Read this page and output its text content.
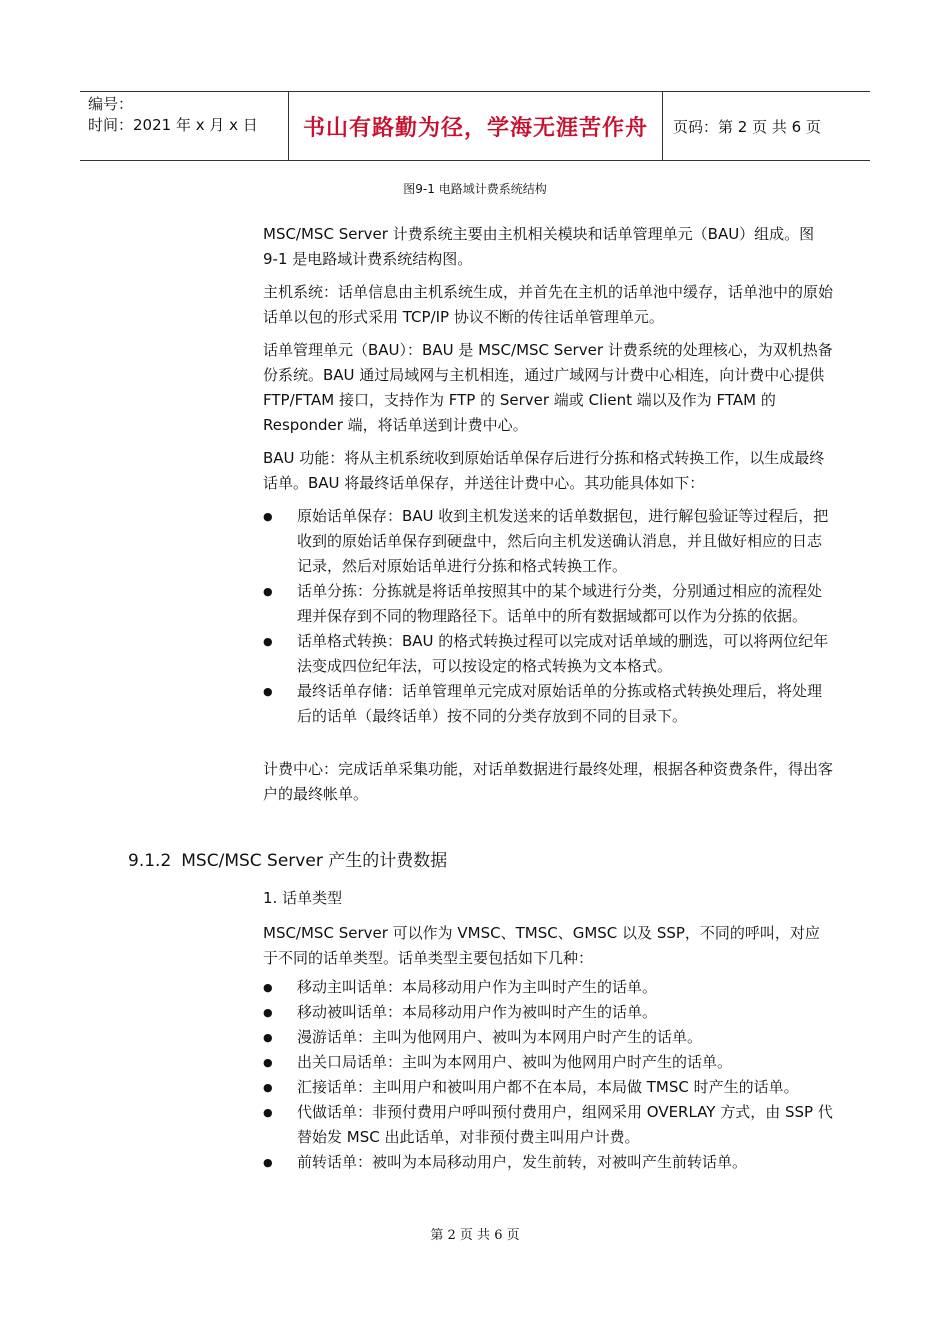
编号：
时间：2021 年 x 月 x 日	书山有路勤为径，学海无涯苦作舟	页码：第 2 页 共 6 页
图9-1 电路域计费系统结构

MSC/MSC Server 计费系统主要由主机相关模块和话单管理单元（BAU）组成。图 9-1 是电路域计费系统结构图。

主机系统：话单信息由主机系统生成，并首先在主机的话单池中缓存，话单池中的原始话单以包的形式采用 TCP/IP 协议不断的传往话单管理单元。

话单管理单元（BAU）：BAU 是 MSC/MSC Server 计费系统的处理核心，为双机热备份系统。BAU 通过局域网与主机相连，通过广域网与计费中心相连，向计费中心提供 FTP/FTAM 接口，支持作为 FTP 的 Server 端或 Client 端以及作为 FTAM 的 Responder 端，将话单送到计费中心。

BAU 功能：将从主机系统收到原始话单保存后进行分拣和格式转换工作，以生成最终话单。BAU 将最终话单保存，并送往计费中心。其功能具体如下：

● 原始话单保存：BAU 收到主机发送来的话单数据包，进行解包验证等过程后，把收到的原始话单保存到硬盘中，然后向主机发送确认消息，并且做好相应的日志记录，然后对原始话单进行分拣和格式转换工作。
● 话单分拣：分拣就是将话单按照其中的某个域进行分类，分别通过相应的流程处理并保存到不同的物理路径下。话单中的所有数据域都可以作为分拣的依据。
● 话单格式转换：BAU 的格式转换过程可以完成对话单域的删选，可以将两位纪年法变成四位纪年法，可以按设定的格式转换为文本格式。
● 最终话单存储：话单管理单元完成对原始话单的分拣或格式转换处理后，将处理后的话单（最终话单）按不同的分类存放到不同的目录下。

计费中心：完成话单采集功能，对话单数据进行最终处理，根据各种资费条件，得出客户的最终帐单。

9.1.2 MSC/MSC Server 产生的计费数据

1. 话单类型

MSC/MSC Server 可以作为 VMSC、TMSC、GMSC 以及 SSP，不同的呼叫，对应于不同的话单类型。话单类型主要包括如下几种：

● 移动主叫话单：本局移动用户作为主叫时产生的话单。
● 移动被叫话单：本局移动用户作为被叫时产生的话单。
● 漫游话单：主叫为他网用户、被叫为本网用户时产生的话单。
● 出关口局话单：主叫为本网用户、被叫为他网用户时产生的话单。
● 汇接话单：主叫用户和被叫用户都不在本局，本局做 TMSC 时产生的话单。
● 代做话单：非预付费用户呼叫预付费用户，组网采用 OVERLAY 方式，由 SSP 代替始发 MSC 出此话单，对非预付费主叫用户计费。
● 前转话单：被叫为本局移动用户，发生前转，对被叫产生前转话单。
第 2 页 共 6 页
